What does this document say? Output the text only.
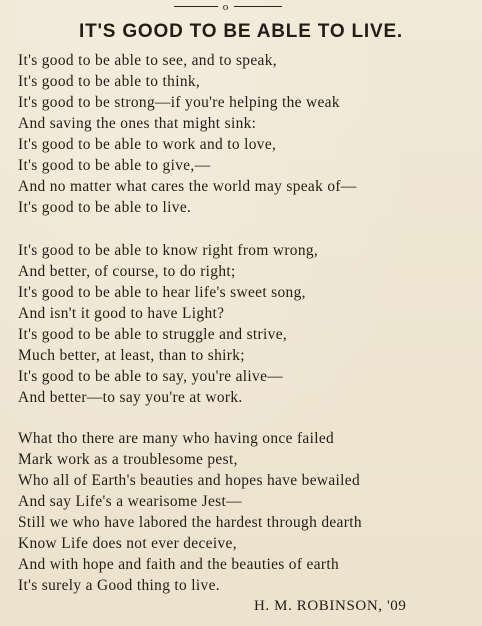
o
IT'S GOOD TO BE ABLE TO LIVE.
It's good to be able to see, and to speak,
It's good to be able to think,
It's good to be strong—if you're helping the weak
And saving the ones that might sink:
It's good to be able to work and to love,
It's good to be able to give,—
And no matter what cares the world may speak of—
It's good to be able to live.
It's good to be able to know right from wrong,
And better, of course, to do right;
It's good to be able to hear life's sweet song,
And isn't it good to have Light?
It's good to be able to struggle and strive,
Much better, at least, than to shirk;
It's good to be able to say, you're alive—
And better—to say you're at work.
What tho there are many who having once failed
Mark work as a troublesome pest,
Who all of Earth's beauties and hopes have bewailed
And say Life's a wearisome Jest—
Still we who have labored the hardest through dearth
Know Life does not ever deceive,
And with hope and faith and the beauties of earth
It's surely a Good thing to live.
H. M. ROBINSON, '09
